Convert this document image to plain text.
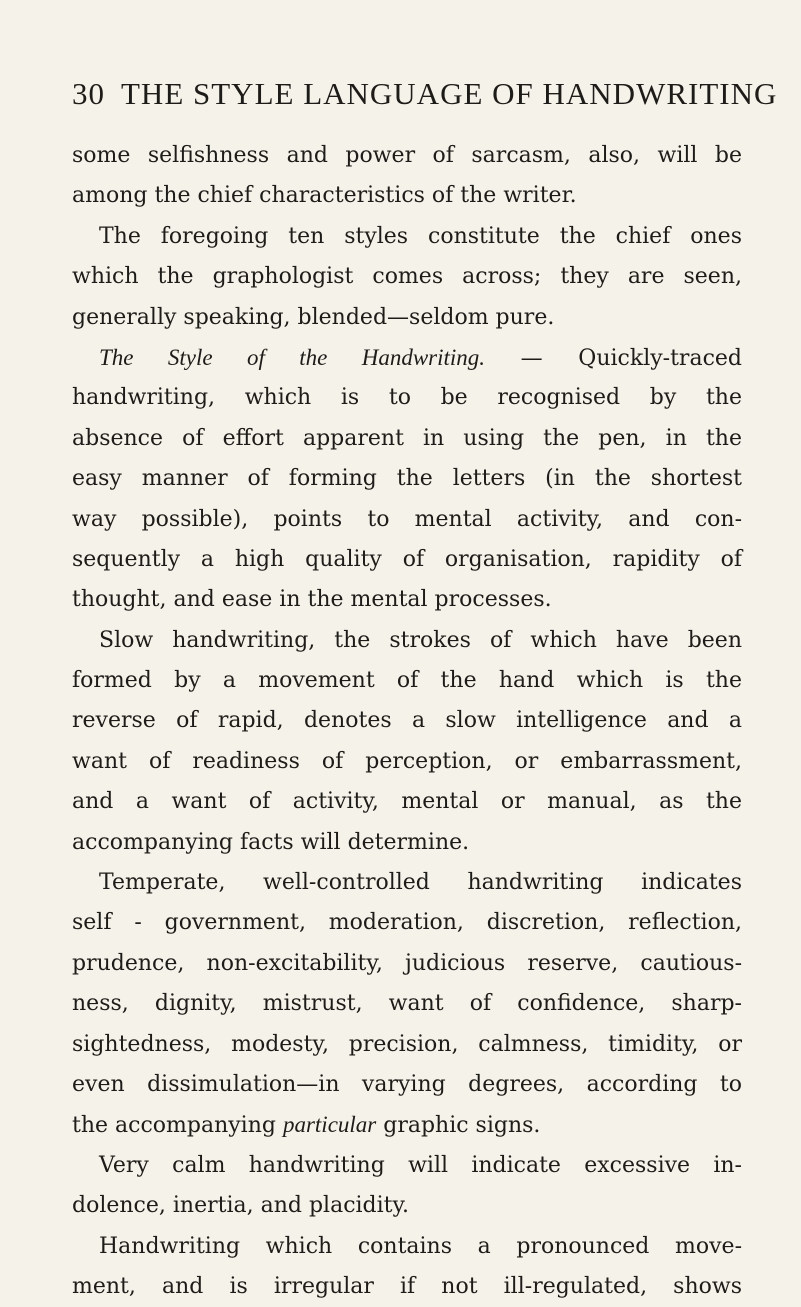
30 THE STYLE LANGUAGE OF HANDWRITING
some selfishness and power of sarcasm, also, will be
among the chief characteristics of the writer.
The foregoing ten styles constitute the chief ones
which the graphologist comes across; they are seen,
generally speaking, blended—seldom pure.
The Style of the Handwriting. — Quickly-traced
handwriting, which is to be recognised by the
absence of effort apparent in using the pen, in the
easy manner of forming the letters (in the shortest
way possible), points to mental activity, and con-
sequently a high quality of organisation, rapidity of
thought, and ease in the mental processes.
Slow handwriting, the strokes of which have been
formed by a movement of the hand which is the
reverse of rapid, denotes a slow intelligence and a
want of readiness of perception, or embarrassment,
and a want of activity, mental or manual, as the
accompanying facts will determine.
Temperate, well-controlled handwriting indicates
self - government, moderation, discretion, reflection,
prudence, non-excitability, judicious reserve, cautious-
ness, dignity, mistrust, want of confidence, sharp-
sightedness, modesty, precision, calmness, timidity, or
even dissimulation—in varying degrees, according to
the accompanying particular graphic signs.
Very calm handwriting will indicate excessive in-
dolence, inertia, and placidity.
Handwriting which contains a pronounced move-
ment, and is irregular if not ill-regulated, shows
